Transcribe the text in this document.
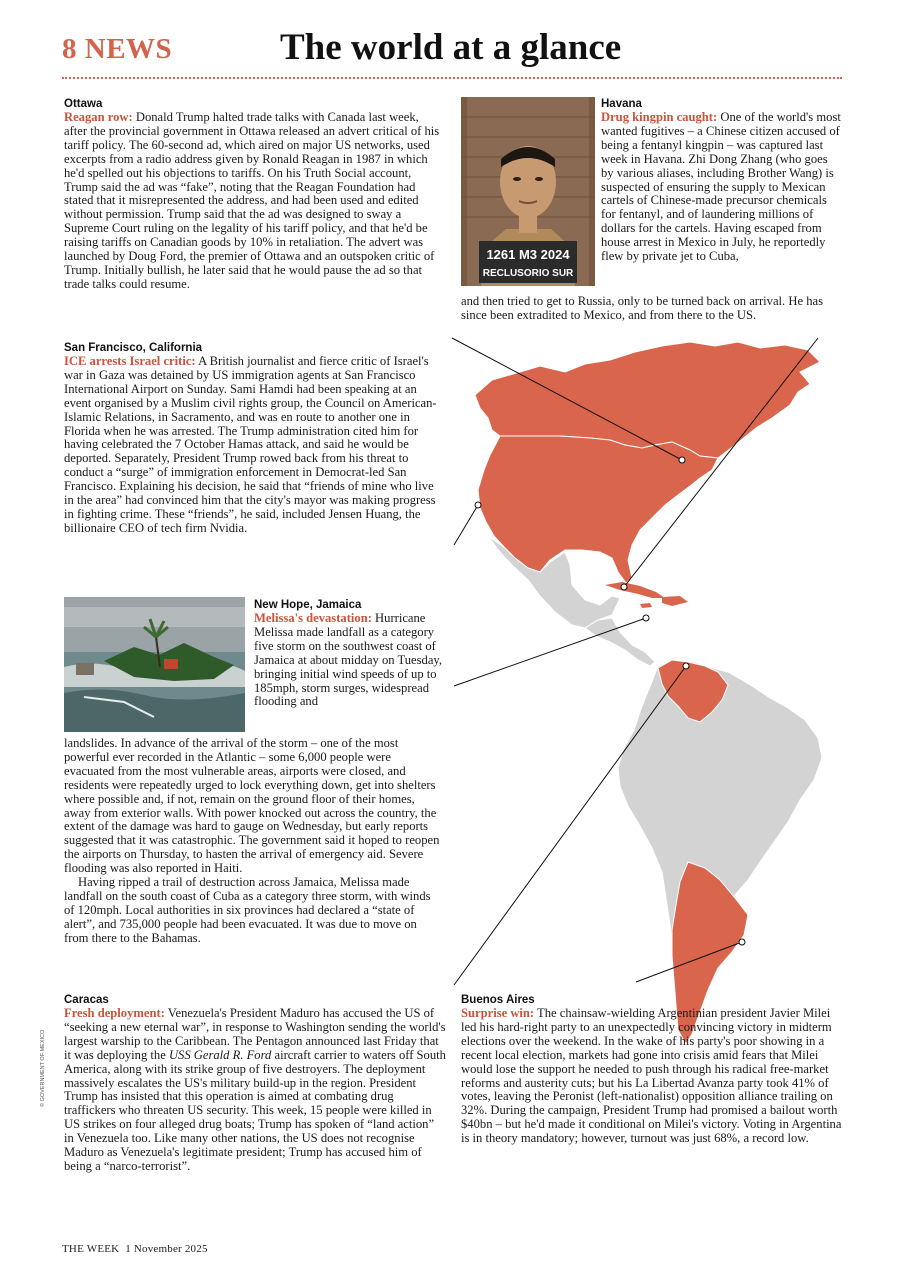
8 NEWS	The world at a glance
Ottawa

Reagan row: Donald Trump halted trade talks with Canada last week, after the provincial government in Ottawa released an advert critical of his tariff policy. The 60-second ad, which aired on major US networks, used excerpts from a radio address given by Ronald Reagan in 1987 in which he'd spelled out his objections to tariffs. On his Truth Social account, Trump said the ad was “fake”, noting that the Reagan Foundation had stated that it misrepresented the address, and had been used and edited without permission. Trump said that the ad was designed to sway a Supreme Court ruling on the legality of his tariff policy, and that he'd be raising tariffs on Canadian goods by 10% in retaliation. The advert was launched by Doug Ford, the premier of Ottawa and an outspoken critic of Trump. Initially bullish, he later said that he would pause the ad so that trade talks could resume.

1261 M3 2024
RECLUSORIO SUR
Havana

Drug kingpin caught: One of the world's most wanted fugitives – a Chinese citizen accused of being a fentanyl kingpin – was captured last week in Havana. Zhi Dong Zhang (who goes by various aliases, including Brother Wang) is suspected of ensuring the supply to Mexican cartels of Chinese-made precursor chemicals for fentanyl, and of laundering millions of dollars for the cartels. Having escaped from house arrest in Mexico in July, he reportedly flew by private jet to Cuba,

and then tried to get to Russia, only to be turned back on arrival. He has since been extradited to Mexico, and from there to the US.

San Francisco, California

ICE arrests Israel critic: A British journalist and fierce critic of Israel's war in Gaza was detained by US immigration agents at San Francisco International Airport on Sunday. Sami Hamdi had been speaking at an event organised by a Muslim civil rights group, the Council on American-Islamic Relations, in Sacramento, and was en route to another one in Florida when he was arrested. The Trump administration cited him for having celebrated the 7 October Hamas attack, and said he would be deported. Separately, President Trump rowed back from his threat to conduct a “surge” of immigration enforcement in Democrat-led San Francisco. Explaining his decision, he said that “friends of mine who live in the area” had convinced him that the city's mayor was making progress in fighting crime. These “friends”, he said, included Jensen Huang, the billionaire CEO of tech firm Nvidia.

New Hope, Jamaica

Melissa's devastation: Hurricane Melissa made landfall as a category five storm on the southwest coast of Jamaica at about midday on Tuesday, bringing initial wind speeds of up to 185mph, storm surges, widespread flooding and

landslides. In advance of the arrival of the storm – one of the most powerful ever recorded in the Atlantic – some 6,000 people were evacuated from the most vulnerable areas, airports were closed, and residents were repeatedly urged to lock everything down, get into shelters where possible and, if not, remain on the ground floor of their homes, away from exterior walls. With power knocked out across the country, the extent of the damage was hard to gauge on Wednesday, but early reports suggested that it was catastrophic. The government said it hoped to reopen the airports on Thursday, to hasten the arrival of emergency aid. Severe flooding was also reported in Haiti.

Having ripped a trail of destruction across Jamaica, Melissa made landfall on the south coast of Cuba as a category three storm, with winds of 120mph. Local authorities in six provinces had declared a “state of alert”, and 735,000 people had been evacuated. It was due to move on from there to the Bahamas.

Caracas

Fresh deployment: Venezuela's President Maduro has accused the US of “seeking a new eternal war”, in response to Washington sending the world's largest warship to the Caribbean. The Pentagon announced last Friday that it was deploying the USS Gerald R. Ford aircraft carrier to waters off South America, along with its strike group of five destroyers. The deployment massively escalates the US's military build-up in the region. President Trump has insisted that this operation is aimed at combating drug traffickers who threaten US security. This week, 15 people were killed in US strikes on four alleged drug boats; Trump has spoken of “land action” in Venezuela too. Like many other nations, the US does not recognise Maduro as Venezuela's legitimate president; Trump has accused him of being a “narco-terrorist”.

Buenos Aires

Surprise win: The chainsaw-wielding Argentinian president Javier Milei led his hard-right party to an unexpectedly convincing victory in midterm elections over the weekend. In the wake of his party's poor showing in a recent local election, markets had gone into crisis amid fears that Milei would lose the support he needed to push through his radical free-market reforms and austerity cuts; but his La Libertad Avanza party took 41% of votes, leaving the Peronist (left-nationalist) opposition alliance trailing on 32%. During the campaign, President Trump had promised a bailout worth $40bn – but he'd made it conditional on Milei's victory. Voting in Argentina is in theory mandatory; however, turnout was just 68%, a record low.

© GOVERNMENT OF MEXICO
THE WEEK 1 November 2025
